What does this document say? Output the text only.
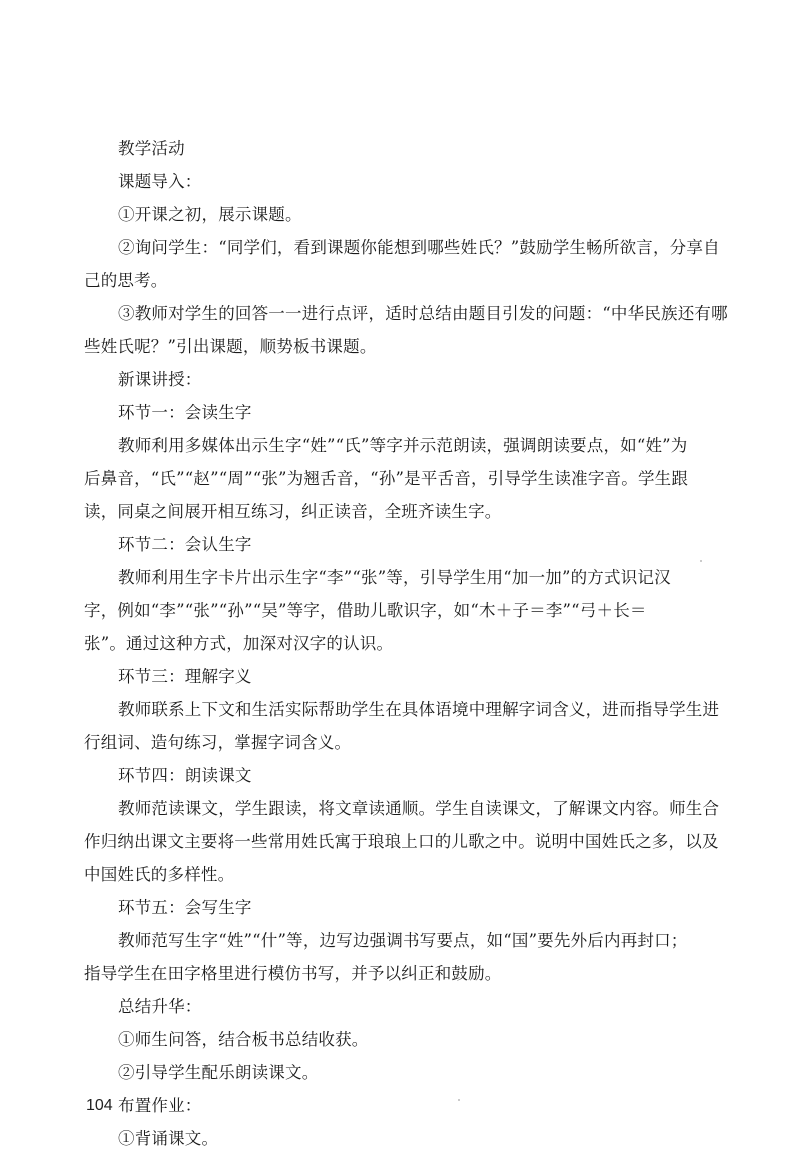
教学活动
课题导入：
①开课之初，展示课题。
②询问学生：“同学们，看到课题你能想到哪些姓氏？”鼓励学生畅所欲言，分享自
己的思考。
③教师对学生的回答一一进行点评，适时总结由题目引发的问题：“中华民族还有哪
些姓氏呢？”引出课题，顺势板书课题。
新课讲授：
环节一：会读生字
教师利用多媒体出示生字“姓”“氏”等字并示范朗读，强调朗读要点，如“姓”为
后鼻音，“氏”“赵”“周”“张”为翘舌音，“孙”是平舌音，引导学生读准字音。学生跟
读，同桌之间展开相互练习，纠正读音，全班齐读生字。
环节二：会认生字
教师利用生字卡片出示生字“李”“张”等，引导学生用“加一加”的方式识记汉
字，例如“李”“张”“孙”“吴”等字，借助儿歌识字，如“木＋子＝李”“弓＋长＝
张”。通过这种方式，加深对汉字的认识。
环节三：理解字义
教师联系上下文和生活实际帮助学生在具体语境中理解字词含义，进而指导学生进
行组词、造句练习，掌握字词含义。
环节四：朗读课文
教师范读课文，学生跟读，将文章读通顺。学生自读课文，了解课文内容。师生合
作归纳出课文主要将一些常用姓氏寓于琅琅上口的儿歌之中。说明中国姓氏之多，以及
中国姓氏的多样性。
环节五：会写生字
教师范写生字“姓”“什”等，边写边强调书写要点，如“国”要先外后内再封口；
指导学生在田字格里进行模仿书写，并予以纠正和鼓励。
总结升华：
①师生问答，结合板书总结收获。
②引导学生配乐朗读课文。
布置作业：
①背诵课文。
104
